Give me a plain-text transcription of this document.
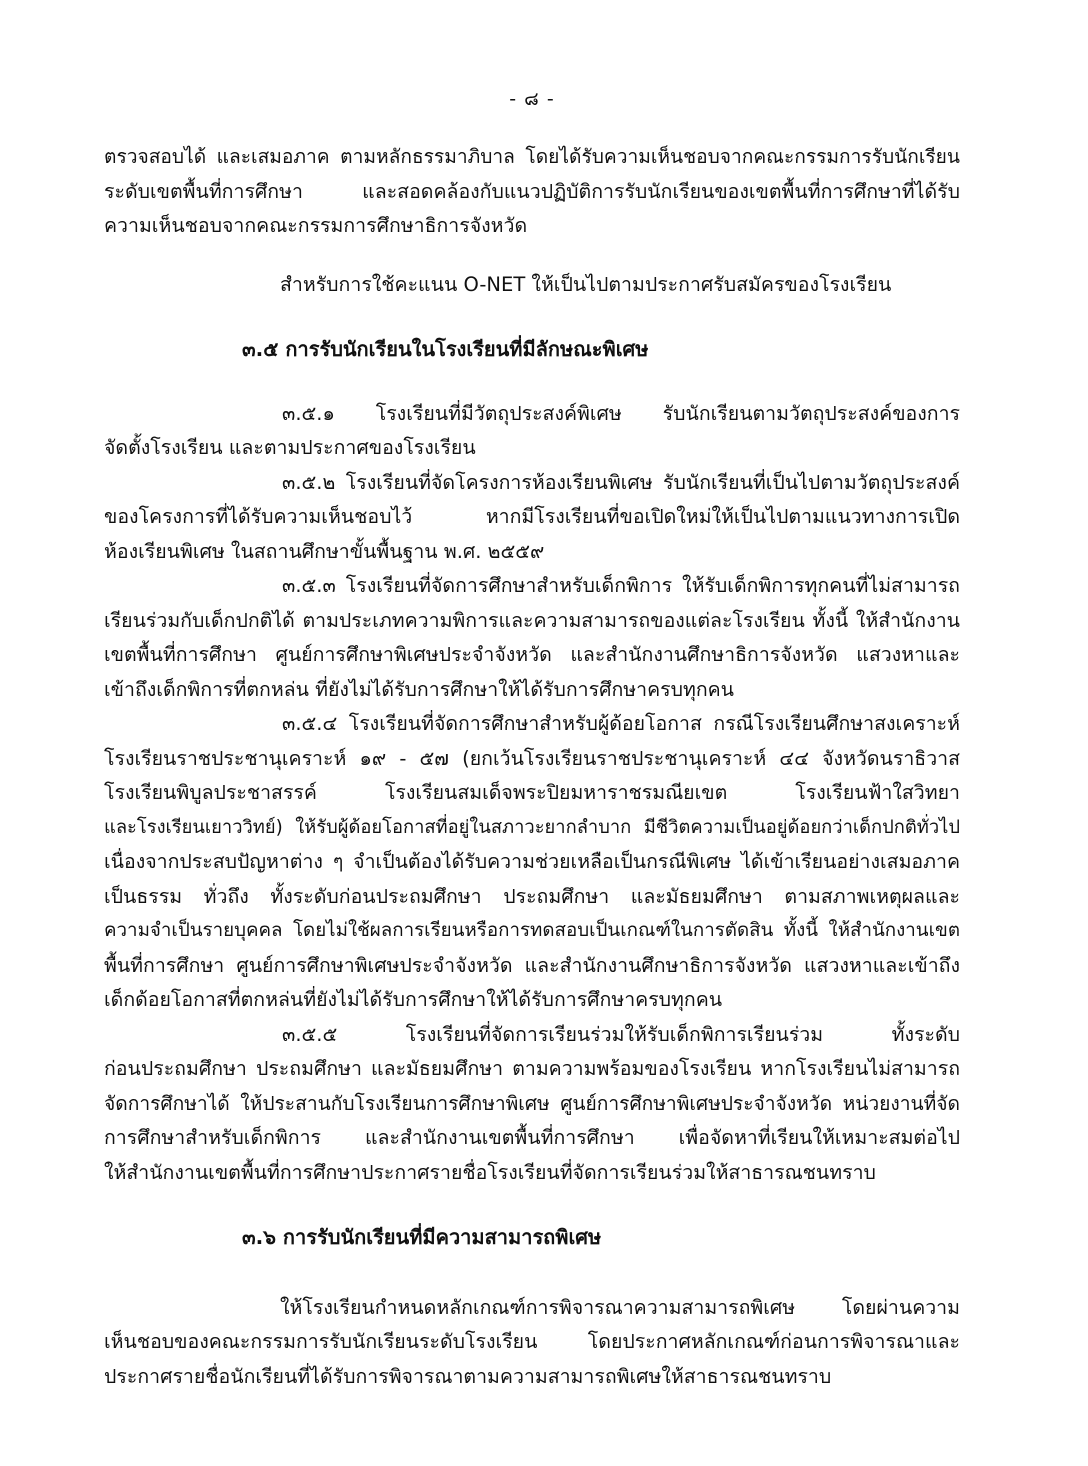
- ๘ -
ตรวจสอบได้ และเสมอภาค ตามหลักธรรมาภิบาล โดยได้รับความเห็นชอบจากคณะกรรมการรับนักเรียน
ระดับเขตพื้นที่การศึกษา และสอดคล้องกับแนวปฏิบัติการรับนักเรียนของเขตพื้นที่การศึกษาที่ได้รับ
ความเห็นชอบจากคณะกรรมการศึกษาธิการจังหวัด
สำหรับการใช้คะแนน O-NET ให้เป็นไปตามประกาศรับสมัครของโรงเรียน
๓.๕ การรับนักเรียนในโรงเรียนที่มีลักษณะพิเศษ
๓.๕.๑ โรงเรียนที่มีวัตถุประสงค์พิเศษ รับนักเรียนตามวัตถุประสงค์ของการ
จัดตั้งโรงเรียน และตามประกาศของโรงเรียน
๓.๕.๒ โรงเรียนที่จัดโครงการห้องเรียนพิเศษ รับนักเรียนที่เป็นไปตามวัตถุประสงค์
ของโครงการที่ได้รับความเห็นชอบไว้ หากมีโรงเรียนที่ขอเปิดใหม่ให้เป็นไปตามแนวทางการเปิด
ห้องเรียนพิเศษ ในสถานศึกษาขั้นพื้นฐาน พ.ศ. ๒๕๕๙
๓.๕.๓ โรงเรียนที่จัดการศึกษาสำหรับเด็กพิการ ให้รับเด็กพิการทุกคนที่ไม่สามารถ
เรียนร่วมกับเด็กปกติได้ ตามประเภทความพิการและความสามารถของแต่ละโรงเรียน ทั้งนี้ ให้สำนักงาน
เขตพื้นที่การศึกษา ศูนย์การศึกษาพิเศษประจำจังหวัด และสำนักงานศึกษาธิการจังหวัด แสวงหาและ
เข้าถึงเด็กพิการที่ตกหล่น ที่ยังไม่ได้รับการศึกษาให้ได้รับการศึกษาครบทุกคน
๓.๕.๔ โรงเรียนที่จัดการศึกษาสำหรับผู้ด้อยโอกาส กรณีโรงเรียนศึกษาสงเคราะห์
โรงเรียนราชประชานุเคราะห์ ๑๙ - ๕๗ (ยกเว้นโรงเรียนราชประชานุเคราะห์ ๔๔ จังหวัดนราธิวาส
โรงเรียนพิบูลประชาสรรค์ โรงเรียนสมเด็จพระปิยมหาราชรมณียเขต โรงเรียนฟ้าใสวิทยา
และโรงเรียนเยาววิทย์) ให้รับผู้ด้อยโอกาสที่อยู่ในสภาวะยากลำบาก มีชีวิตความเป็นอยู่ด้อยกว่าเด็กปกติทั่วไป
เนื่องจากประสบปัญหาต่าง ๆ จำเป็นต้องได้รับความช่วยเหลือเป็นกรณีพิเศษ ได้เข้าเรียนอย่างเสมอภาค
เป็นธรรม ทั่วถึง ทั้งระดับก่อนประถมศึกษา ประถมศึกษา และมัธยมศึกษา ตามสภาพเหตุผลและ
ความจำเป็นรายบุคคล โดยไม่ใช้ผลการเรียนหรือการทดสอบเป็นเกณฑ์ในการตัดสิน ทั้งนี้ ให้สำนักงานเขต
พื้นที่การศึกษา ศูนย์การศึกษาพิเศษประจำจังหวัด และสำนักงานศึกษาธิการจังหวัด แสวงหาและเข้าถึง
เด็กด้อยโอกาสที่ตกหล่นที่ยังไม่ได้รับการศึกษาให้ได้รับการศึกษาครบทุกคน
๓.๕.๕ โรงเรียนที่จัดการเรียนร่วมให้รับเด็กพิการเรียนร่วม ทั้งระดับ
ก่อนประถมศึกษา ประถมศึกษา และมัธยมศึกษา ตามความพร้อมของโรงเรียน หากโรงเรียนไม่สามารถ
จัดการศึกษาได้ ให้ประสานกับโรงเรียนการศึกษาพิเศษ ศูนย์การศึกษาพิเศษประจำจังหวัด หน่วยงานที่จัด
การศึกษาสำหรับเด็กพิการ และสำนักงานเขตพื้นที่การศึกษา เพื่อจัดหาที่เรียนให้เหมาะสมต่อไป
ให้สำนักงานเขตพื้นที่การศึกษาประกาศรายชื่อโรงเรียนที่จัดการเรียนร่วมให้สาธารณชนทราบ
๓.๖ การรับนักเรียนที่มีความสามารถพิเศษ
ให้โรงเรียนกำหนดหลักเกณฑ์การพิจารณาความสามารถพิเศษ โดยผ่านความ
เห็นชอบของคณะกรรมการรับนักเรียนระดับโรงเรียน โดยประกาศหลักเกณฑ์ก่อนการพิจารณาและ
ประกาศรายชื่อนักเรียนที่ได้รับการพิจารณาตามความสามารถพิเศษให้สาธารณชนทราบ
